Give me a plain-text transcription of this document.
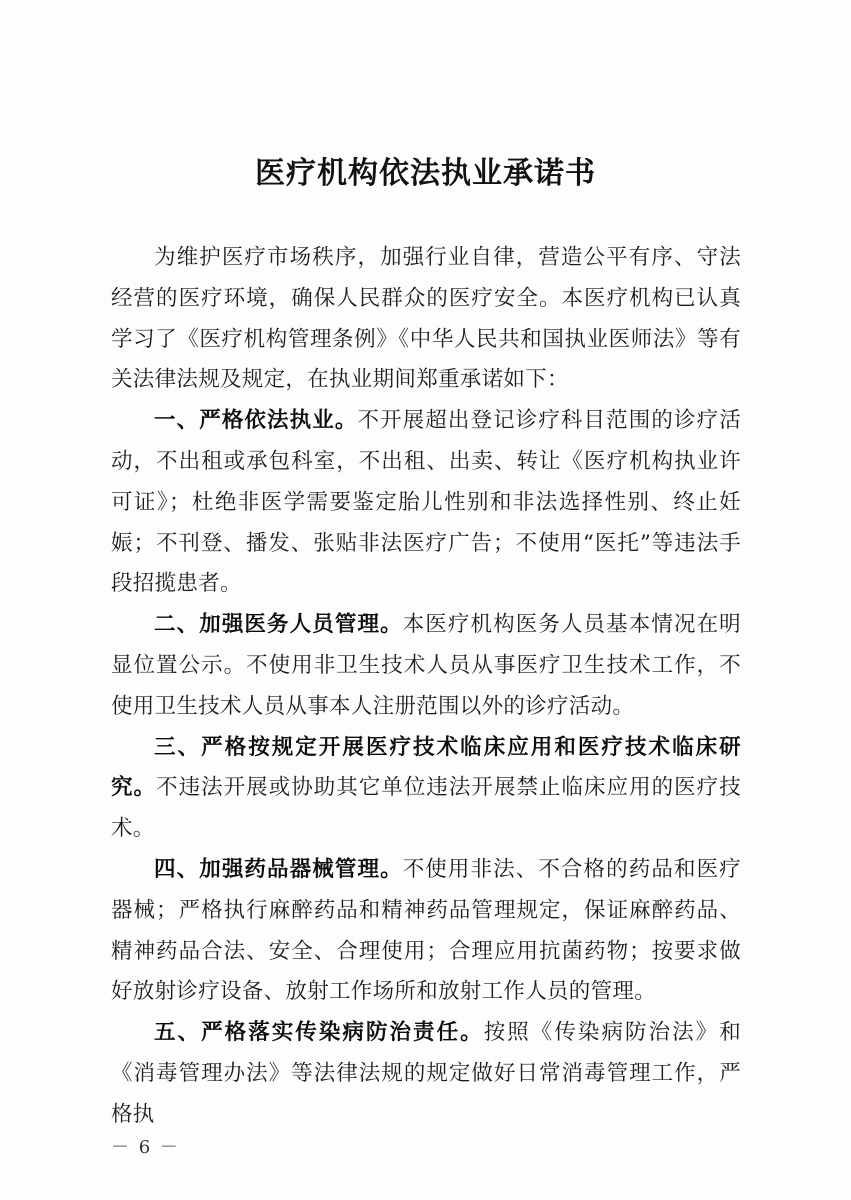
医疗机构依法执业承诺书

为维护医疗市场秩序，加强行业自律，营造公平有序、守法经营的医疗环境，确保人民群众的医疗安全。本医疗机构已认真学习了《医疗机构管理条例》《中华人民共和国执业医师法》等有关法律法规及规定，在执业期间郑重承诺如下：

一、严格依法执业。不开展超出登记诊疗科目范围的诊疗活动，不出租或承包科室，不出租、出卖、转让《医疗机构执业许可证》；杜绝非医学需要鉴定胎儿性别和非法选择性别、终止妊娠；不刊登、播发、张贴非法医疗广告；不使用“医托”等违法手段招揽患者。

二、加强医务人员管理。本医疗机构医务人员基本情况在明显位置公示。不使用非卫生技术人员从事医疗卫生技术工作，不使用卫生技术人员从事本人注册范围以外的诊疗活动。

三、严格按规定开展医疗技术临床应用和医疗技术临床研究。不违法开展或协助其它单位违法开展禁止临床应用的医疗技术。

四、加强药品器械管理。不使用非法、不合格的药品和医疗器械；严格执行麻醉药品和精神药品管理规定，保证麻醉药品、精神药品合法、安全、合理使用；合理应用抗菌药物；按要求做好放射诊疗设备、放射工作场所和放射工作人员的管理。

五、严格落实传染病防治责任。按照《传染病防治法》和《消毒管理办法》等法律法规的规定做好日常消毒管理工作，严格执

－ 6 －
